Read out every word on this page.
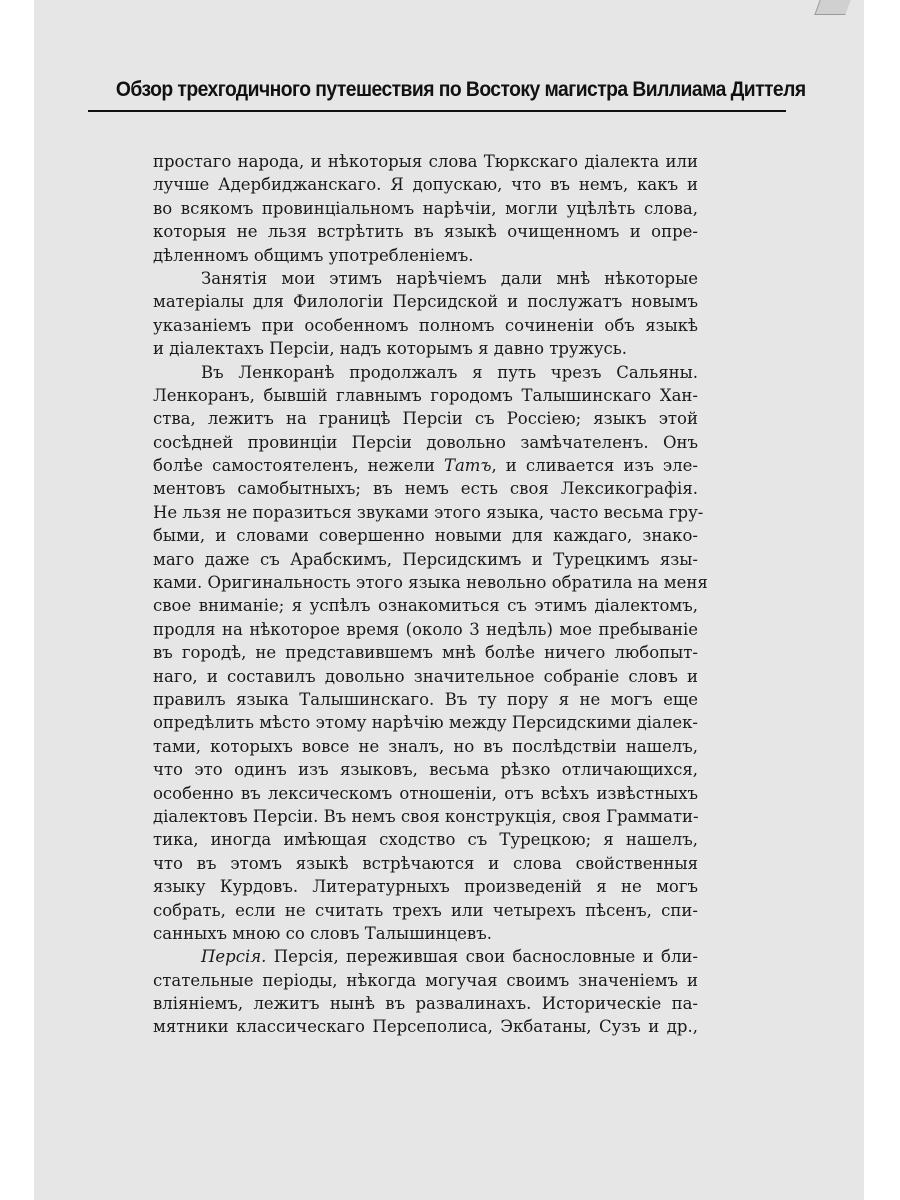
Обзор трехгодичного путешествия по Востоку магистра Виллиама Диттеля
простаго народа, и нѣкоторыя слова Тюркскаго діалекта или
лучше Адербиджанскаго. Я допускаю, что въ немъ, какъ и
во всякомъ провинціальномъ нарѣчіи, могли уцѣлѣть слова,
которыя не льзя встрѣтить въ языкѣ очищенномъ и опре-
дѣленномъ общимъ употребленіемъ.
Занятія мои этимъ нарѣчіемъ дали мнѣ нѣкоторые
матеріалы для Филологіи Персидской и послужатъ новымъ
указаніемъ при особенномъ полномъ сочиненіи объ языкѣ
и діалектахъ Персіи, надъ которымъ я давно тружусь.
Въ Ленкоранѣ продолжалъ я путь чрезъ Сальяны.
Ленкоранъ, бывшій главнымъ городомъ Талышинскаго Хан-
ства, лежитъ на границѣ Персіи съ Россіею; языкъ этой
сосѣдней провинціи Персіи довольно замѣчателенъ. Онъ
болѣе самостоятеленъ, нежели Татъ, и сливается изъ эле-
ментовъ самобытныхъ; въ немъ есть своя Лексикографія.
Не льзя не поразиться звуками этого языка, часто весьма гру-
быми, и словами совершенно новыми для каждаго, знако-
маго даже съ Арабскимъ, Персидскимъ и Турецкимъ язы-
ками. Оригинальность этого языка невольно обратила на меня
свое вниманіе; я успѣлъ ознакомиться съ этимъ діалектомъ,
продля на нѣкоторое время (около 3 недѣль) мое пребываніе
въ городѣ, не представившемъ мнѣ болѣе ничего любопыт-
наго, и составилъ довольно значительное собраніе словъ и
правилъ языка Талышинскаго. Въ ту пору я не могъ еще
опредѣлить мѣсто этому нарѣчію между Персидскими діалек-
тами, которыхъ вовсе не зналъ, но въ послѣдствіи нашелъ,
что это одинъ изъ языковъ, весьма рѣзко отличающихся,
особенно въ лексическомъ отношеніи, отъ всѣхъ извѣстныхъ
діалектовъ Персіи. Въ немъ своя конструкція, своя Граммати-
тика, иногда имѣющая сходство съ Турецкою; я нашелъ,
что въ этомъ языкѣ встрѣчаются и слова свойственныя
языку Курдовъ. Литературныхъ произведеній я не могъ
собрать, если не считать трехъ или четырехъ пѣсенъ, спи-
санныхъ мною со словъ Талышинцевъ.
Персія. Персія, пережившая свои баснословные и бли-
стательные періоды, нѣкогда могучая своимъ значеніемъ и
вліяніемъ, лежитъ нынѣ въ развалинахъ. Историческіе па-
мятники классическаго Персеполиса, Экбатаны, Сузъ и др.,
